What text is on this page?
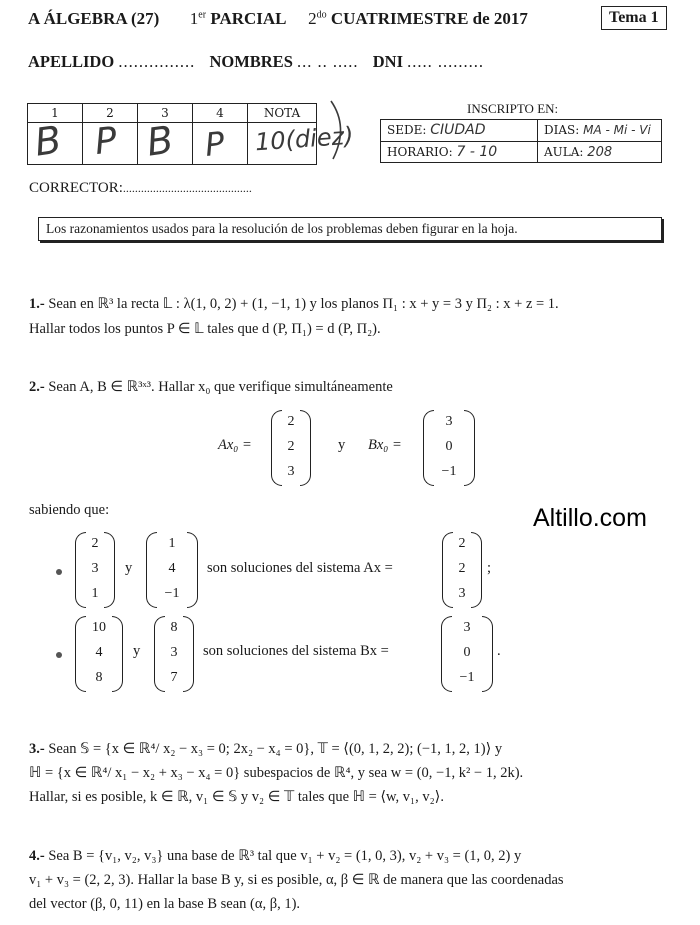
A ÁLGEBRA (27) 1er PARCIAL $2^{do}$ CUATRIMESTRE de 2017	Tema 1
APELLIDO ............... NOMBRES ... .. ..... DNI ..... .........
1	2	3	4	NOTA
B P B P 10(diez)
INSCRIPTO EN:
SEDE: CIUDAD	DIAS: MA - Mi - Vi
HORARIO: 7 - 10	AULA: 208
CORRECTOR:...........................................
Los razonamientos usados para la resolución de los problemas deben figurar en la hoja.
1.- Sean en ℝ³ la recta 𝕃 : λ(1, 0, 2) + (1, −1, 1) y los planos Π₁ : x + y = 3 y Π₂ : x + z = 1.
Hallar todos los puntos P ∈ 𝕃 tales que d (P, Π₁) = d (P, Π₂).
2.- Sean A, B ∈ ℝ³ˣ³. Hallar x₀ que verifique simultáneamente
Ax₀ =
2
2
3
y Bx₀ =
3
0
−1
sabiendo que:	Altillo.com
2
3
1
y
1
4
−1
son soluciones del sistema Ax =
2
2
3
;
10
4
8
y
8
3
7
son soluciones del sistema Bx =
3
0
−1
.
3.- Sean 𝕊 = {x ∈ ℝ⁴/ x₂ − x₃ = 0; 2x₂ − x₄ = 0}, 𝕋 = ⟨(0, 1, 2, 2); (−1, 1, 2, 1)⟩ y
ℍ = {x ∈ ℝ⁴/ x₁ − x₂ + x₃ − x₄ = 0} subespacios de ℝ⁴, y sea w = (0, −1, k² − 1, 2k).
Hallar, si es posible, k ∈ ℝ, v₁ ∈ 𝕊 y v₂ ∈ 𝕋 tales que ℍ = ⟨w, v₁, v₂⟩.
4.- Sea B = {v₁, v₂, v₃} una base de ℝ³ tal que v₁ + v₂ = (1, 0, 3), v₂ + v₃ = (1, 0, 2) y
v₁ + v₃ = (2, 2, 3). Hallar la base B y, si es posible, α, β ∈ ℝ de manera que las coordenadas
del vector (β, 0, 11) en la base B sean (α, β, 1).
